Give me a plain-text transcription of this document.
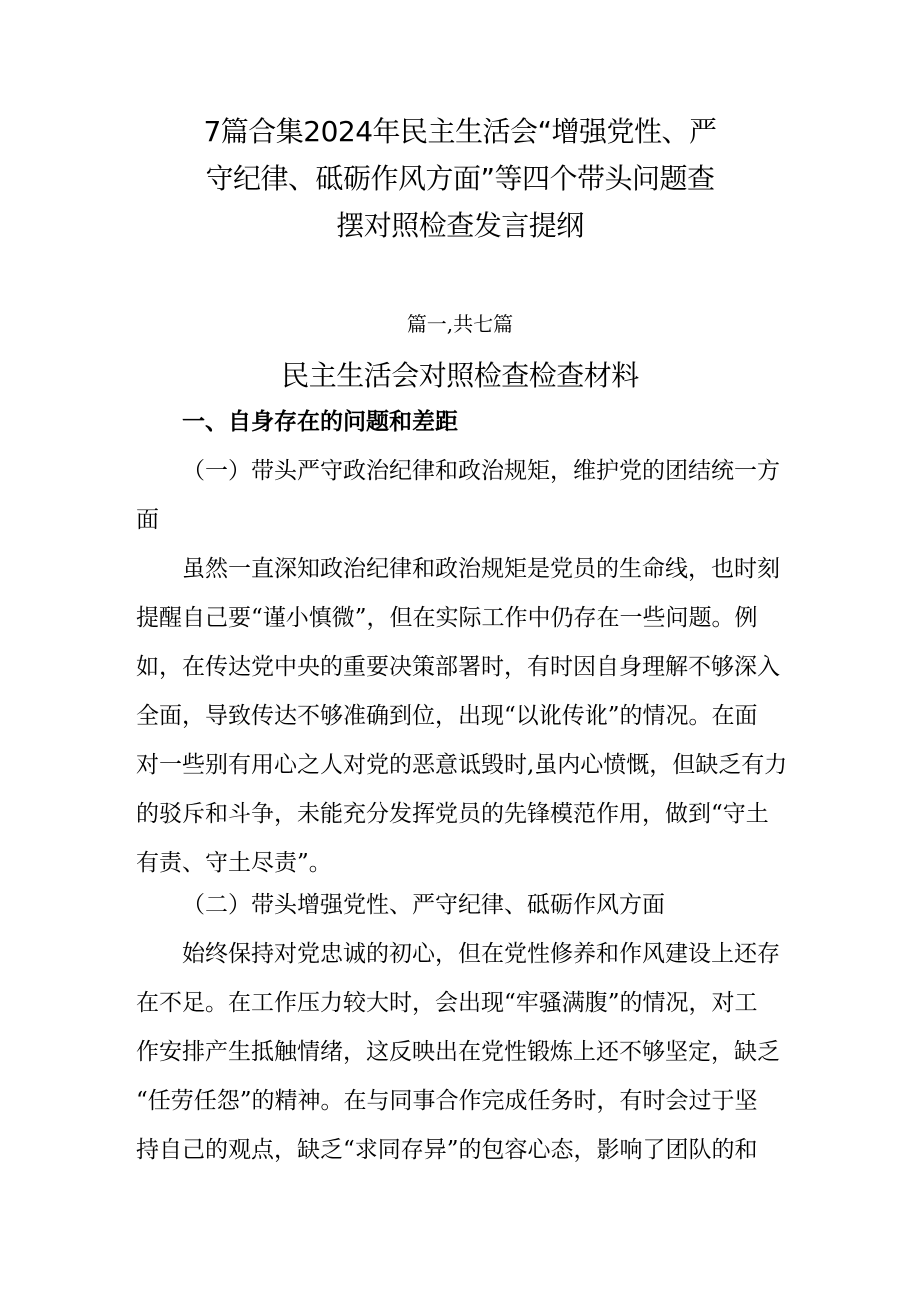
7篇合集2024年民主生活会“增强党性、严
守纪律、砥砺作风方面”等四个带头问题查
摆对照检查发言提纲
篇一,共七篇
民主生活会对照检查检查材料
一、自身存在的问题和差距
（一）带头严守政治纪律和政治规矩，维护党的团结统一方
面
虽然一直深知政治纪律和政治规矩是党员的生命线，也时刻
提醒自己要“谨小慎微”，但在实际工作中仍存在一些问题。例
如，在传达党中央的重要决策部署时，有时因自身理解不够深入
全面，导致传达不够准确到位，出现“以讹传讹”的情况。在面
对一些别有用心之人对党的恶意诋毁时,虽内心愤慨，但缺乏有力
的驳斥和斗争，未能充分发挥党员的先锋模范作用，做到“守土
有责、守土尽责”。
（二）带头增强党性、严守纪律、砥砺作风方面
始终保持对党忠诚的初心，但在党性修养和作风建设上还存
在不足。在工作压力较大时，会出现“牢骚满腹”的情况，对工
作安排产生抵触情绪，这反映出在党性锻炼上还不够坚定，缺乏
“任劳任怨”的精神。在与同事合作完成任务时，有时会过于坚
持自己的观点，缺乏“求同存异”的包容心态，影响了团队的和
